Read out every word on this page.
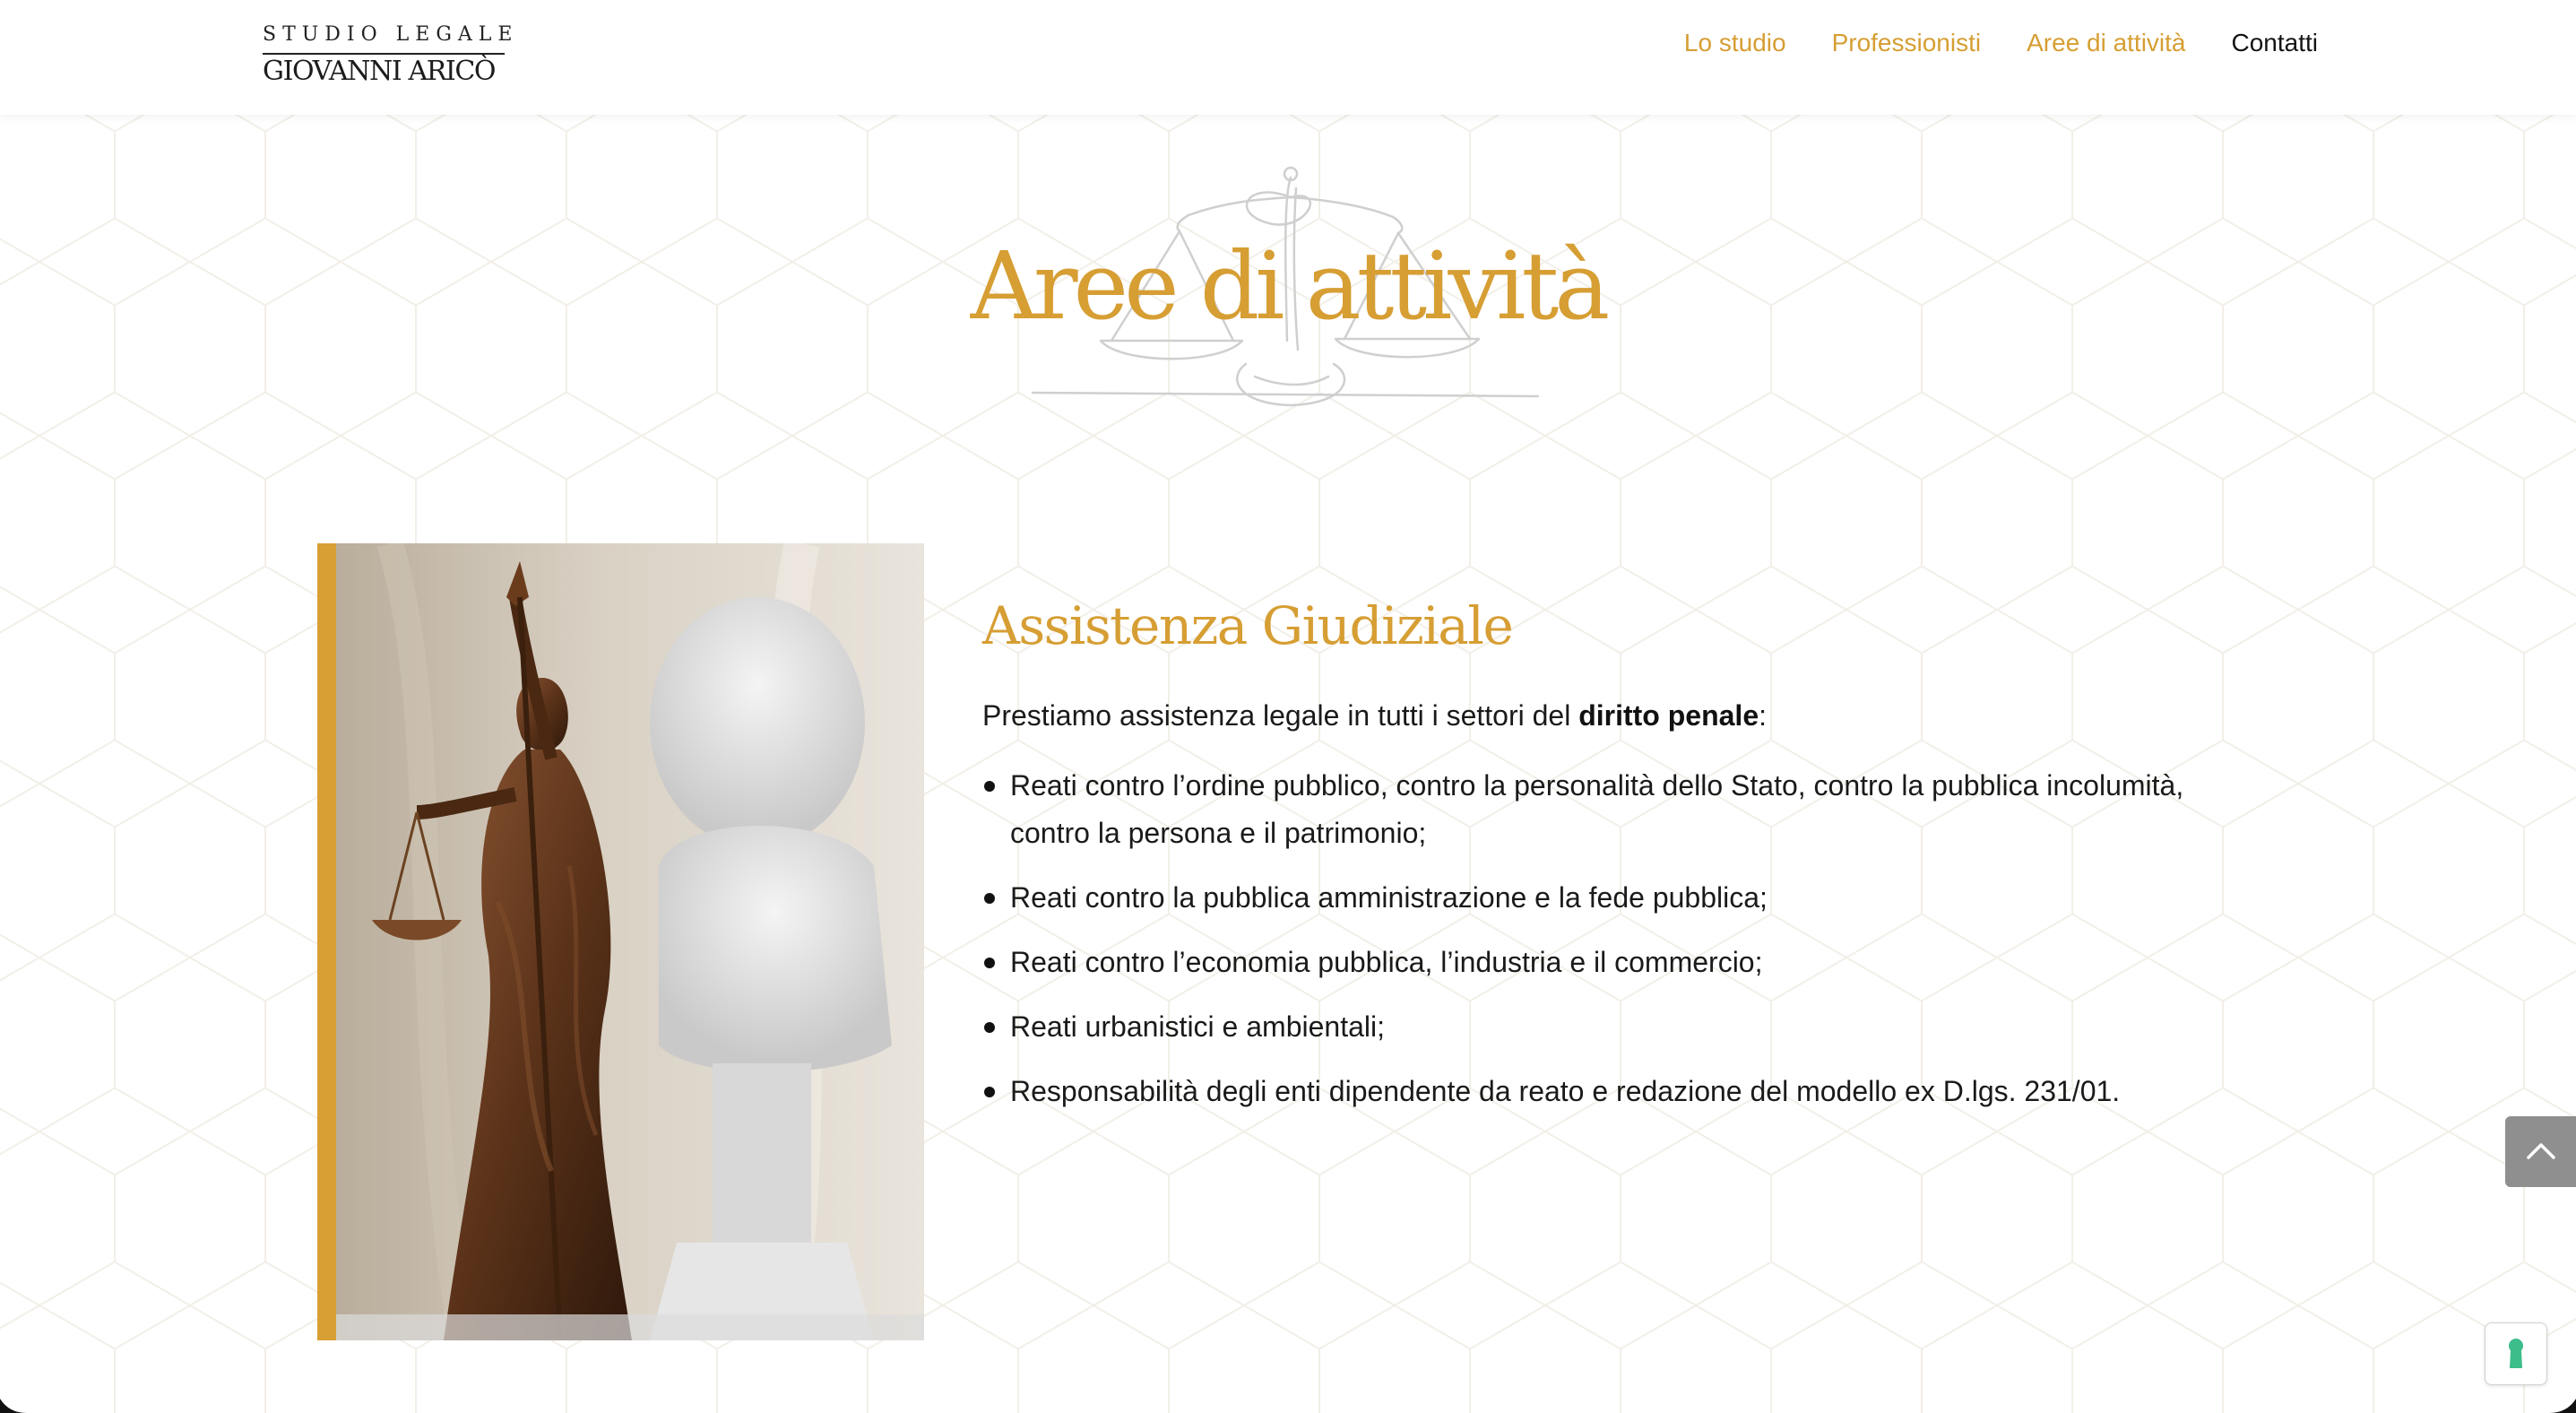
STUDIO LEGALE
GIOVANNI ARICÒ
Lo studio Professionisti Aree di attività Contatti
Aree di attività
Assistenza Giudiziale

Prestiamo assistenza legale in tutti i settori del diritto penale:

Reati contro l’ordine pubblico, contro la personalità dello Stato, contro la pubblica incolumità, contro la persona e il patrimonio;
Reati contro la pubblica amministrazione e la fede pubblica;
Reati contro l’economia pubblica, l’industria e il commercio;
Reati urbanistici e ambientali;
Responsabilità degli enti dipendente da reato e redazione del modello ex D.lgs. 231/01.
